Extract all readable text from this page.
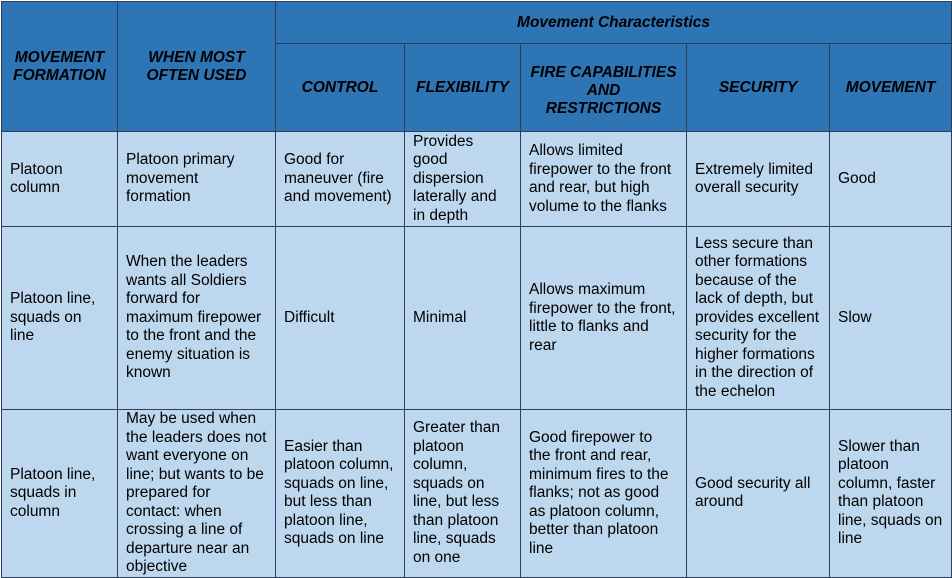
MOVEMENT FORMATION	WHEN MOST OFTEN USED	Movement Characteristics				
		CONTROL	FLEXIBILITY	FIRE CAPABILITIES AND RESTRICTIONS	SECURITY	MOVEMENT
Platoon column	Platoon primary movement formation	Good for maneuver (fire and movement)	Provides good dispersion laterally and in depth	Allows limited firepower to the front and rear, but high volume to the flanks	Extremely limited overall security	Good
Platoon line, squads on line	When the leaders wants all Soldiers forward for maximum firepower to the front and the enemy situation is known	Difficult	Minimal	Allows maximum firepower to the front, little to flanks and rear	Less secure than other formations because of the lack of depth, but provides excellent security for the higher formations in the direction of the echelon	Slow
Platoon line, squads in column	May be used when the leaders does not want everyone on line; but wants to be prepared for contact: when crossing a line of departure near an objective	Easier than platoon column, squads on line, but less than platoon line, squads on line	Greater than platoon column, squads on line, but less than platoon line, squads on one	Good firepower to the front and rear, minimum fires to the flanks; not as good as platoon column, better than platoon line	Good security all around	Slower than platoon column, faster than platoon line, squads on line
